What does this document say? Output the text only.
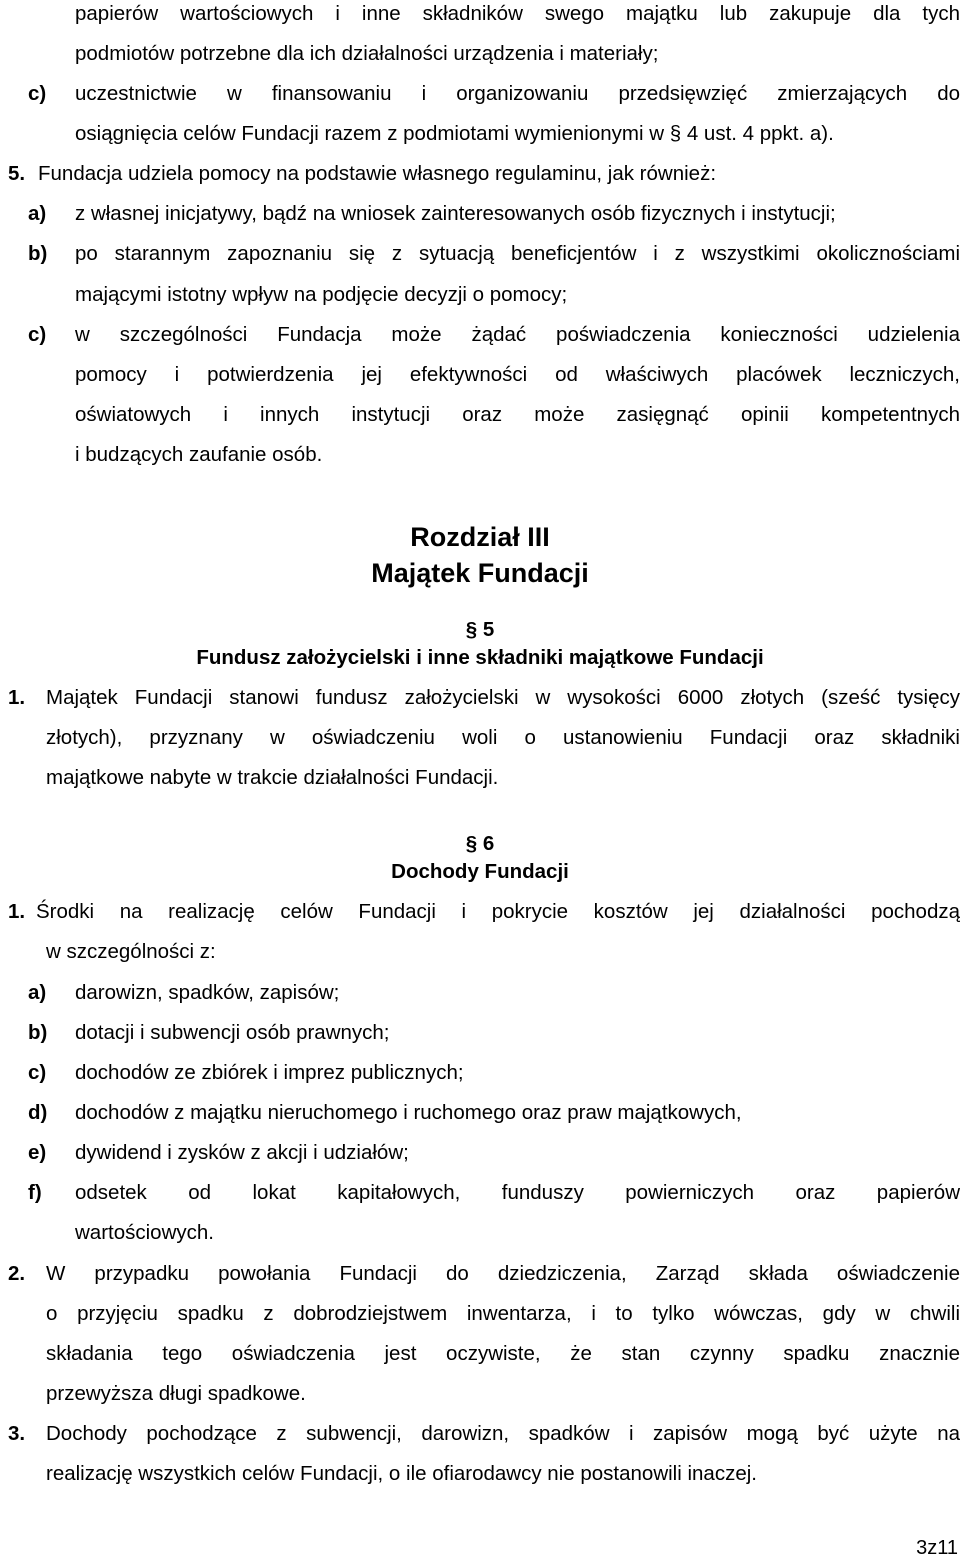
papierów wartościowych i inne składników swego majątku lub zakupuje dla tych
podmiotów potrzebne dla ich działalności urządzenia i materiały;
c) uczestnictwie w finansowaniu i organizowaniu przedsięwzięć zmierzających do
osiągnięcia celów Fundacji razem z podmiotami wymienionymi w § 4 ust. 4 ppkt. a).
5. Fundacja udziela pomocy na podstawie własnego regulaminu, jak również:
a) z własnej inicjatywy, bądź na wniosek zainteresowanych osób fizycznych i instytucji;
b) po starannym zapoznaniu się z sytuacją beneficjentów i z wszystkimi okolicznościami
mającymi istotny wpływ na podjęcie decyzji o pomocy;
c) w szczególności Fundacja może żądać poświadczenia konieczności udzielenia
pomocy i potwierdzenia jej efektywności od właściwych placówek leczniczych,
oświatowych i innych instytucji oraz może zasięgnąć opinii kompetentnych
i budzących zaufanie osób.
Rozdział III
Majątek Fundacji
§ 5
Fundusz założycielski i inne składniki majątkowe Fundacji
1. Majątek Fundacji stanowi fundusz założycielski w wysokości 6000 złotych (sześć tysięcy
złotych), przyznany w oświadczeniu woli o ustanowieniu Fundacji oraz składniki
majątkowe nabyte w trakcie działalności Fundacji.
§ 6
Dochody Fundacji
1. Środki na realizację celów Fundacji i pokrycie kosztów jej działalności pochodzą
w szczególności z:
a) darowizn, spadków, zapisów;
b) dotacji i subwencji osób prawnych;
c) dochodów ze zbiórek i imprez publicznych;
d) dochodów z majątku nieruchomego i ruchomego oraz praw majątkowych,
e) dywidend i zysków z akcji i udziałów;
f) odsetek od lokat kapitałowych, funduszy powierniczych oraz papierów
wartościowych.
2. W przypadku powołania Fundacji do dziedziczenia, Zarząd składa oświadczenie
o przyjęciu spadku z dobrodziejstwem inwentarza, i to tylko wówczas, gdy w chwili
składania tego oświadczenia jest oczywiste, że stan czynny spadku znacznie
przewyższa długi spadkowe.
3. Dochody pochodzące z subwencji, darowizn, spadków i zapisów mogą być użyte na
realizację wszystkich celów Fundacji, o ile ofiarodawcy nie postanowili inaczej.
3z11
